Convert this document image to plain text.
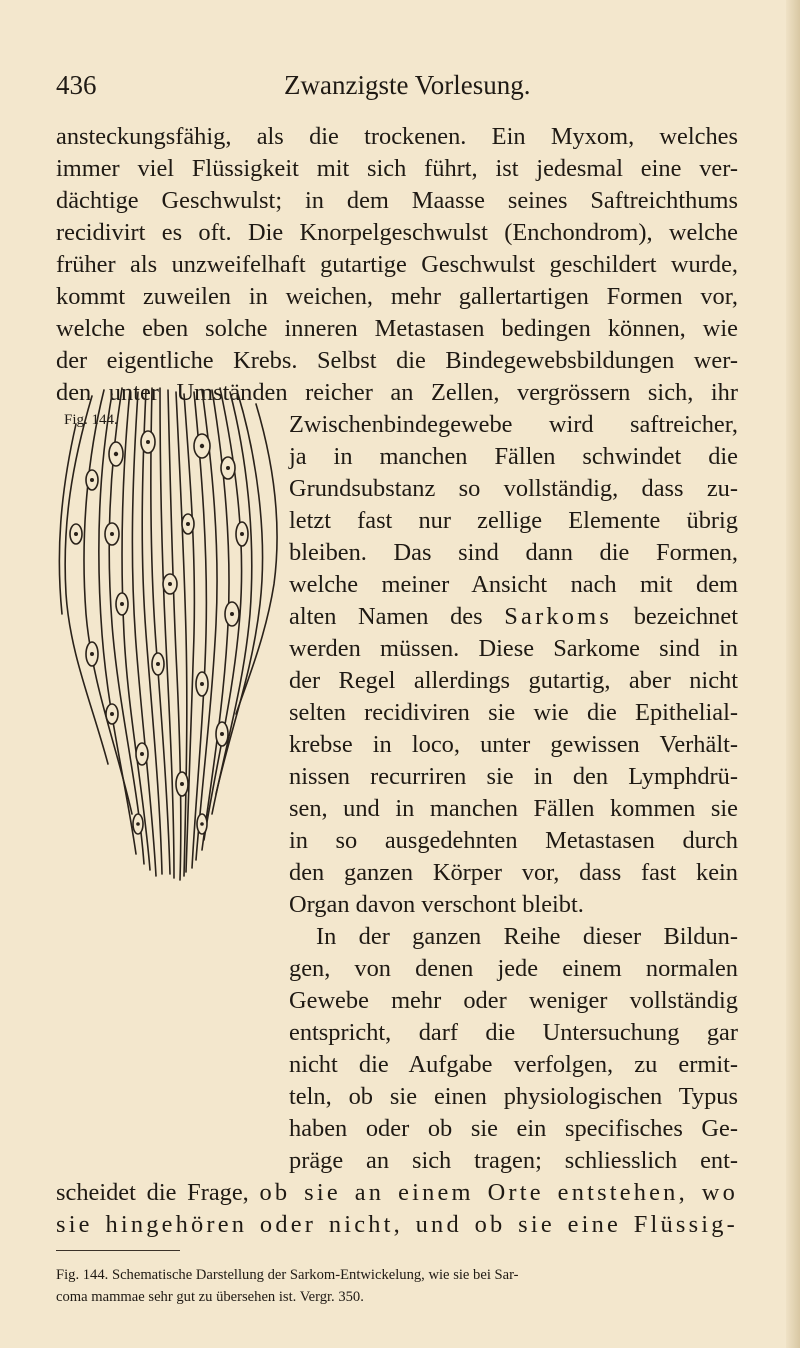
436	Zwanzigste Vorlesung.
ansteckungsfähig, als die trockenen. Ein Myxom, welches
immer viel Flüssigkeit mit sich führt, ist jedesmal eine ver-
dächtige Geschwulst; in dem Maasse seines Saftreichthums
recidivirt es oft. Die Knorpelgeschwulst (Enchondrom), welche
früher als unzweifelhaft gutartige Geschwulst geschildert wurde,
kommt zuweilen in weichen, mehr gallertartigen Formen vor,
welche eben solche inneren Metastasen bedingen können, wie
der eigentliche Krebs. Selbst die Bindegewebsbildungen wer-
den unter Umständen reicher an Zellen, vergrössern sich, ihr
Fig. 144.	Zwischenbindegewebe wird saftreicher,
ja in manchen Fällen schwindet die
Grundsubstanz so vollständig, dass zu-
letzt fast nur zellige Elemente übrig
bleiben. Das sind dann die Formen,
welche meiner Ansicht nach mit dem
alten Namen des Sarkoms bezeichnet
werden müssen. Diese Sarkome sind in
der Regel allerdings gutartig, aber nicht
selten recidiviren sie wie die Epithelial-
krebse in loco, unter gewissen Verhält-
nissen recurriren sie in den Lymphdrü-
sen, und in manchen Fällen kommen sie
in so ausgedehnten Metastasen durch
den ganzen Körper vor, dass fast kein
Organ davon verschont bleibt.
In der ganzen Reihe dieser Bildun-
gen, von denen jede einem normalen
Gewebe mehr oder weniger vollständig
entspricht, darf die Untersuchung gar
nicht die Aufgabe verfolgen, zu ermit-
teln, ob sie einen physiologischen Typus
haben oder ob sie ein specifisches Ge-
präge an sich tragen; schliesslich ent-
scheidet die Frage, ob sie an einem Orte entstehen, wo
sie hingehören oder nicht, und ob sie eine Flüssig-
Fig. 144. Schematische Darstellung der Sarkom-Entwickelung, wie sie bei Sar-
coma mammae sehr gut zu übersehen ist. Vergr. 350.
